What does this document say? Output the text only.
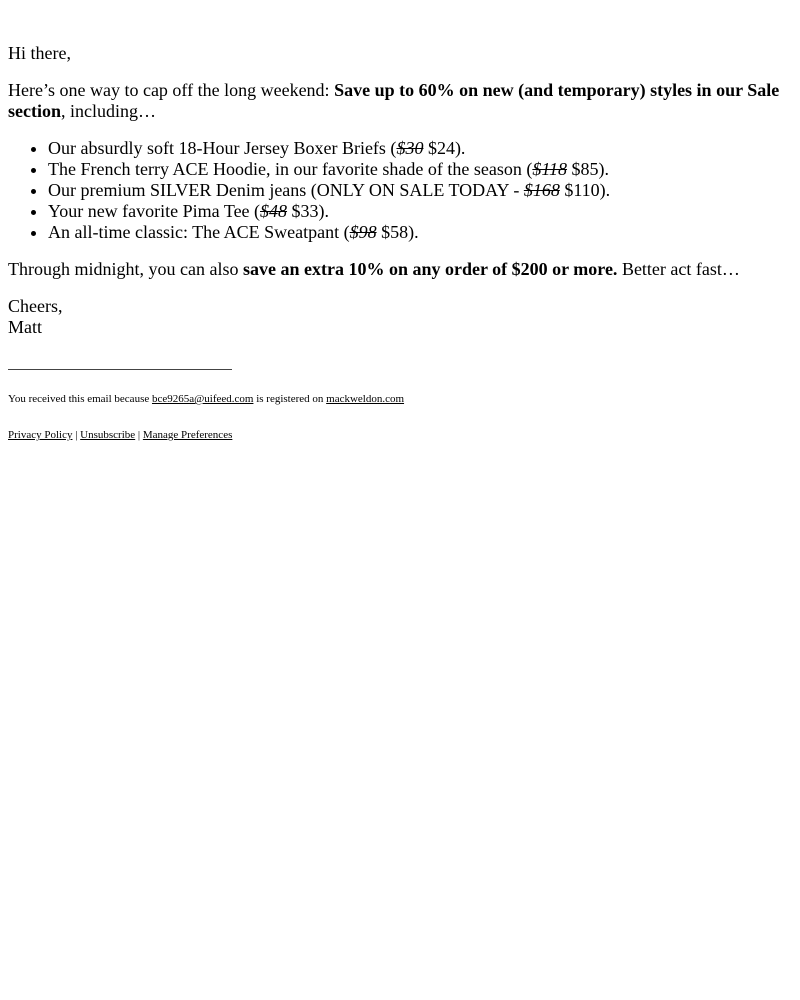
Hi there,

Here’s one way to cap off the long weekend: Save up to 60% on new (and temporary) styles in our Sale section, including…

• Our absurdly soft 18-Hour Jersey Boxer Briefs ($30 $24).
• The French terry ACE Hoodie, in our favorite shade of the season ($118 $85).
• Our premium SILVER Denim jeans (ONLY ON SALE TODAY - $168 $110).
• Your new favorite Pima Tee ($48 $33).
• An all-time classic: The ACE Sweatpant ($98 $58).

Through midnight, you can also save an extra 10% on any order of $200 or more. Better act fast…

Cheers,
Matt

You received this email because bce9265a@uifeed.com is registered on mackweldon.com

Privacy Policy | Unsubscribe | Manage Preferences
